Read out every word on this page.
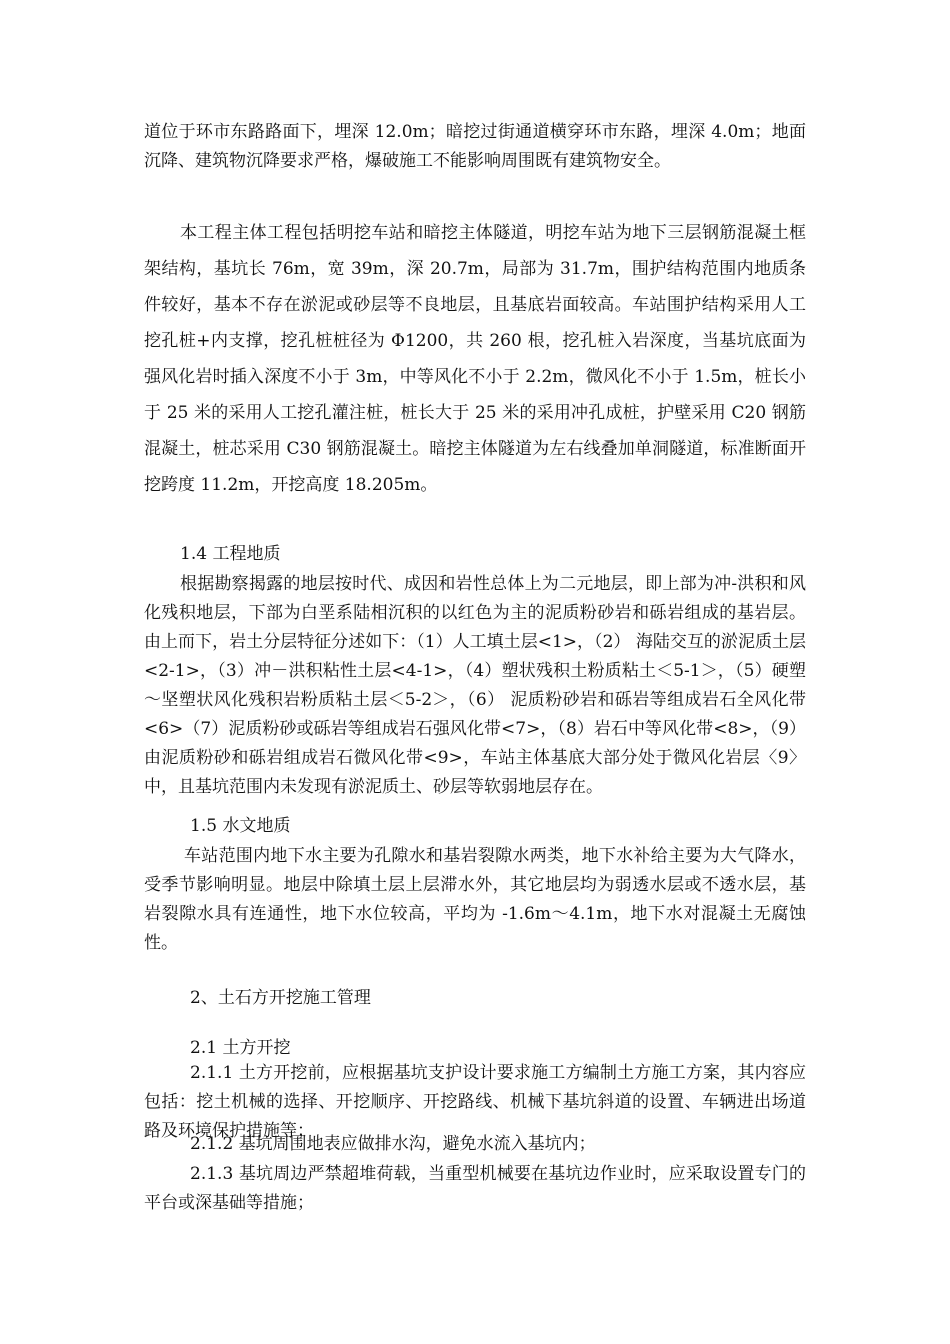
道位于环市东路路面下，埋深 12.0m；暗挖过街通道横穿环市东路，埋深 4.0m；地面沉降、建筑物沉降要求严格，爆破施工不能影响周围既有建筑物安全。

本工程主体工程包括明挖车站和暗挖主体隧道，明挖车站为地下三层钢筋混凝土框架结构，基坑长 76m，宽 39m，深 20.7m，局部为 31.7m，围护结构范围内地质条件较好，基本不存在淤泥或砂层等不良地层，且基底岩面较高。车站围护结构采用人工挖孔桩+内支撑，挖孔桩桩径为 Φ1200，共 260 根，挖孔桩入岩深度，当基坑底面为强风化岩时插入深度不小于 3m，中等风化不小于 2.2m，微风化不小于 1.5m，桩长小于 25 米的采用人工挖孔灌注桩，桩长大于 25 米的采用冲孔成桩，护壁采用 C20 钢筋混凝土，桩芯采用 C30 钢筋混凝土。暗挖主体隧道为左右线叠加单洞隧道，标准断面开挖跨度 11.2m，开挖高度 18.205m。

1.4 工程地质

根据勘察揭露的地层按时代、成因和岩性总体上为二元地层，即上部为冲-洪积和风化残积地层，下部为白垩系陆相沉积的以红色为主的泥质粉砂岩和砾岩组成的基岩层。由上而下，岩土分层特征分述如下：（1）人工填土层<1>，（2） 海陆交互的淤泥质土层<2-1>，（3）冲－洪积粘性土层<4-1>，（4）塑状残积土粉质粘土＜5-1＞，（5）硬塑～坚塑状风化残积岩粉质粘土层＜5-2＞，（6） 泥质粉砂岩和砾岩等组成岩石全风化带 <6>（7）泥质粉砂或砾岩等组成岩石强风化带<7>，（8）岩石中等风化带<8>，（9）由泥质粉砂和砾岩组成岩石微风化带<9>，车站主体基底大部分处于微风化岩层〈9〉中，且基坑范围内未发现有淤泥质土、砂层等软弱地层存在。

1.5 水文地质

车站范围内地下水主要为孔隙水和基岩裂隙水两类，地下水补给主要为大气降水，受季节影响明显。地层中除填土层上层滞水外，其它地层均为弱透水层或不透水层，基岩裂隙水具有连通性，地下水位较高，平均为 -1.6m～4.1m，地下水对混凝土无腐蚀性。

2、土石方开挖施工管理

2.1 土方开挖

2.1.1 土方开挖前，应根据基坑支护设计要求施工方编制土方施工方案，其内容应包括：挖土机械的选择、开挖顺序、开挖路线、机械下基坑斜道的设置、车辆进出场道路及环境保护措施等；

2.1.2 基坑周围地表应做排水沟，避免水流入基坑内；

2.1.3 基坑周边严禁超堆荷载，当重型机械要在基坑边作业时，应采取设置专门的平台或深基础等措施；
